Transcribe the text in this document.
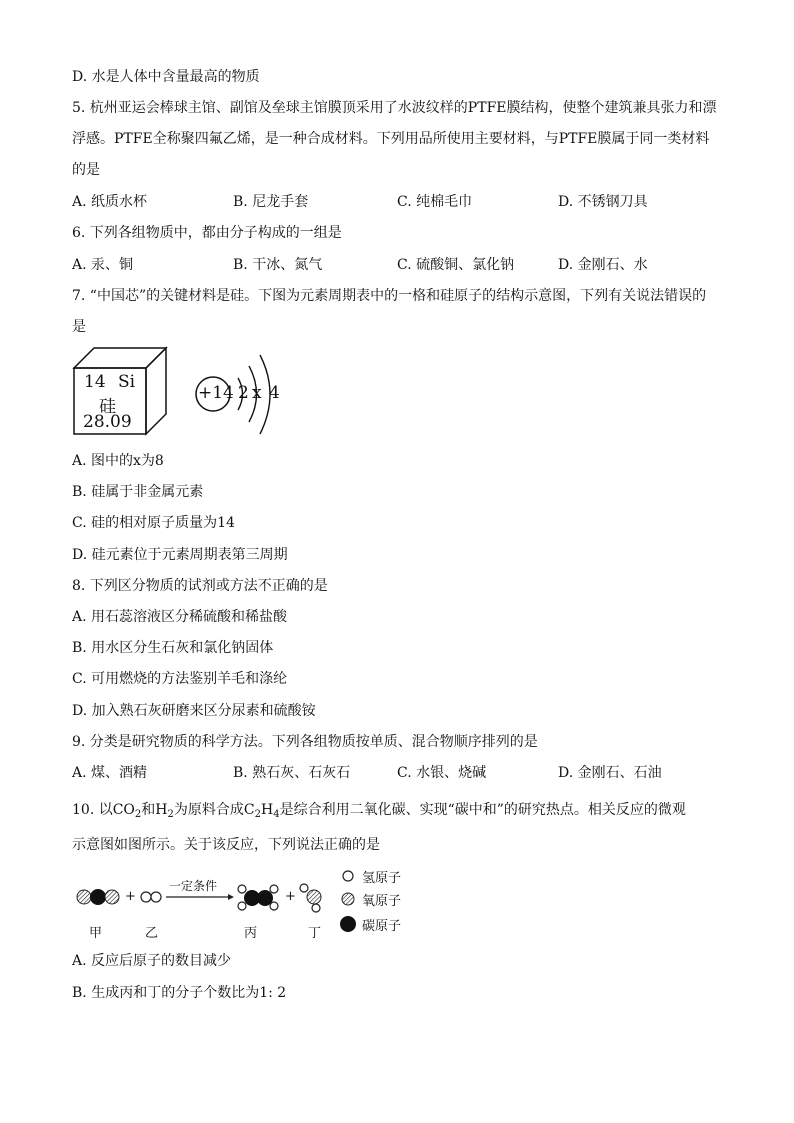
D. 水是人体中含量最高的物质
5. 杭州亚运会棒球主馆、副馆及垒球主馆膜顶采用了水波纹样的PTFE膜结构，使整个建筑兼具张力和漂
浮感。PTFE全称聚四氟乙烯，是一种合成材料。下列用品所使用主要材料，与PTFE膜属于同一类材料
的是
A. 纸质水杯	B. 尼龙手套	C. 纯棉毛巾	D. 不锈钢刀具
6. 下列各组物质中，都由分子构成的一组是
A. 汞、铜	B. 干冰、氮气	C. 硫酸铜、氯化钠	D. 金刚石、水
7. “中国芯”的关键材料是硅。下图为元素周期表中的一格和硅原子的结构示意图，下列有关说法错误的
是
14 Si
硅
28.09
+14 2 x 4
A. 图中的x为8
B. 硅属于非金属元素
C. 硅的相对原子质量为14
D. 硅元素位于元素周期表第三周期
8. 下列区分物质的试剂或方法不正确的是
A. 用石蕊溶液区分稀硫酸和稀盐酸
B. 用水区分生石灰和氯化钠固体
C. 可用燃烧的方法鉴别羊毛和涤纶
D. 加入熟石灰研磨来区分尿素和硫酸铵
9. 分类是研究物质的科学方法。下列各组物质按单质、混合物顺序排列的是
A. 煤、酒精	B. 熟石灰、石灰石	C. 水银、烧碱	D. 金刚石、石油
10. 以$CO_2$和$H_2$为原料合成$C_2H_4$是综合利用二氧化碳、实现“碳中和”的研究热点。相关反应的微观
示意图如图所示。关于该反应，下列说法正确的是
一定条件
+	+
甲	乙	丙	丁
氢原子
氧原子
碳原子
A. 反应后原子的数目减少
B. 生成丙和丁的分子个数比为1: 2
